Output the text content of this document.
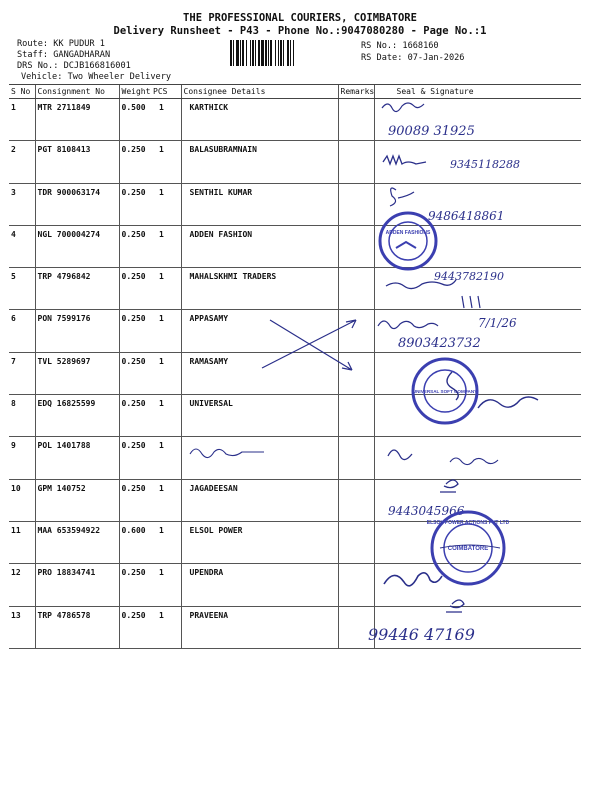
THE PROFESSIONAL COURIERS, COIMBATORE
Delivery Runsheet - P43 - Phone No.:9047080280 - Page No.:1
Route: KK PUDUR 1
Staff: GANGADHARAN
DRS No.: DCJB166816001
Vehicle: Two Wheeler Delivery
RS No.: 1668160
RS Date: 07-Jan-2026
S No	Consignment No	Weight	PCS	Consignee Details	Remarks	Seal & Signature
1	MTR 2711849	0.500	1	KARTHICK		
2	PGT 8108413	0.250	1	BALASUBRAMNAIN		
3	TDR 900063174	0.250	1	SENTHIL KUMAR		
4	NGL 700004274	0.250	1	ADDEN FASHION		
5	TRP 4796842	0.250	1	MAHALSKHMI TRADERS		
6	PON 7599176	0.250	1	APPASAMY		
7	TVL 5289697	0.250	1	RAMASAMY		
8	EDQ 16825599	0.250	1	UNIVERSAL		
9	POL 1401788	0.250	1			
10	GPM 140752	0.250	1	JAGADEESAN		
11	MAA 653594922	0.600	1	ELSOL POWER		
12	PRO 18834741	0.250	1	UPENDRA		
13	TRP 4786578	0.250	1	PRAVEENA		
90089 31925
9345118288
9486418861
ADDEN FASHIONS
9443782190
7/1/26
8903423732
UNIVERSAL SOFT COMPANY
9443045966
ELSOL POWER ACTIONS PVT LTD
COIMBATORE
99446 47169
